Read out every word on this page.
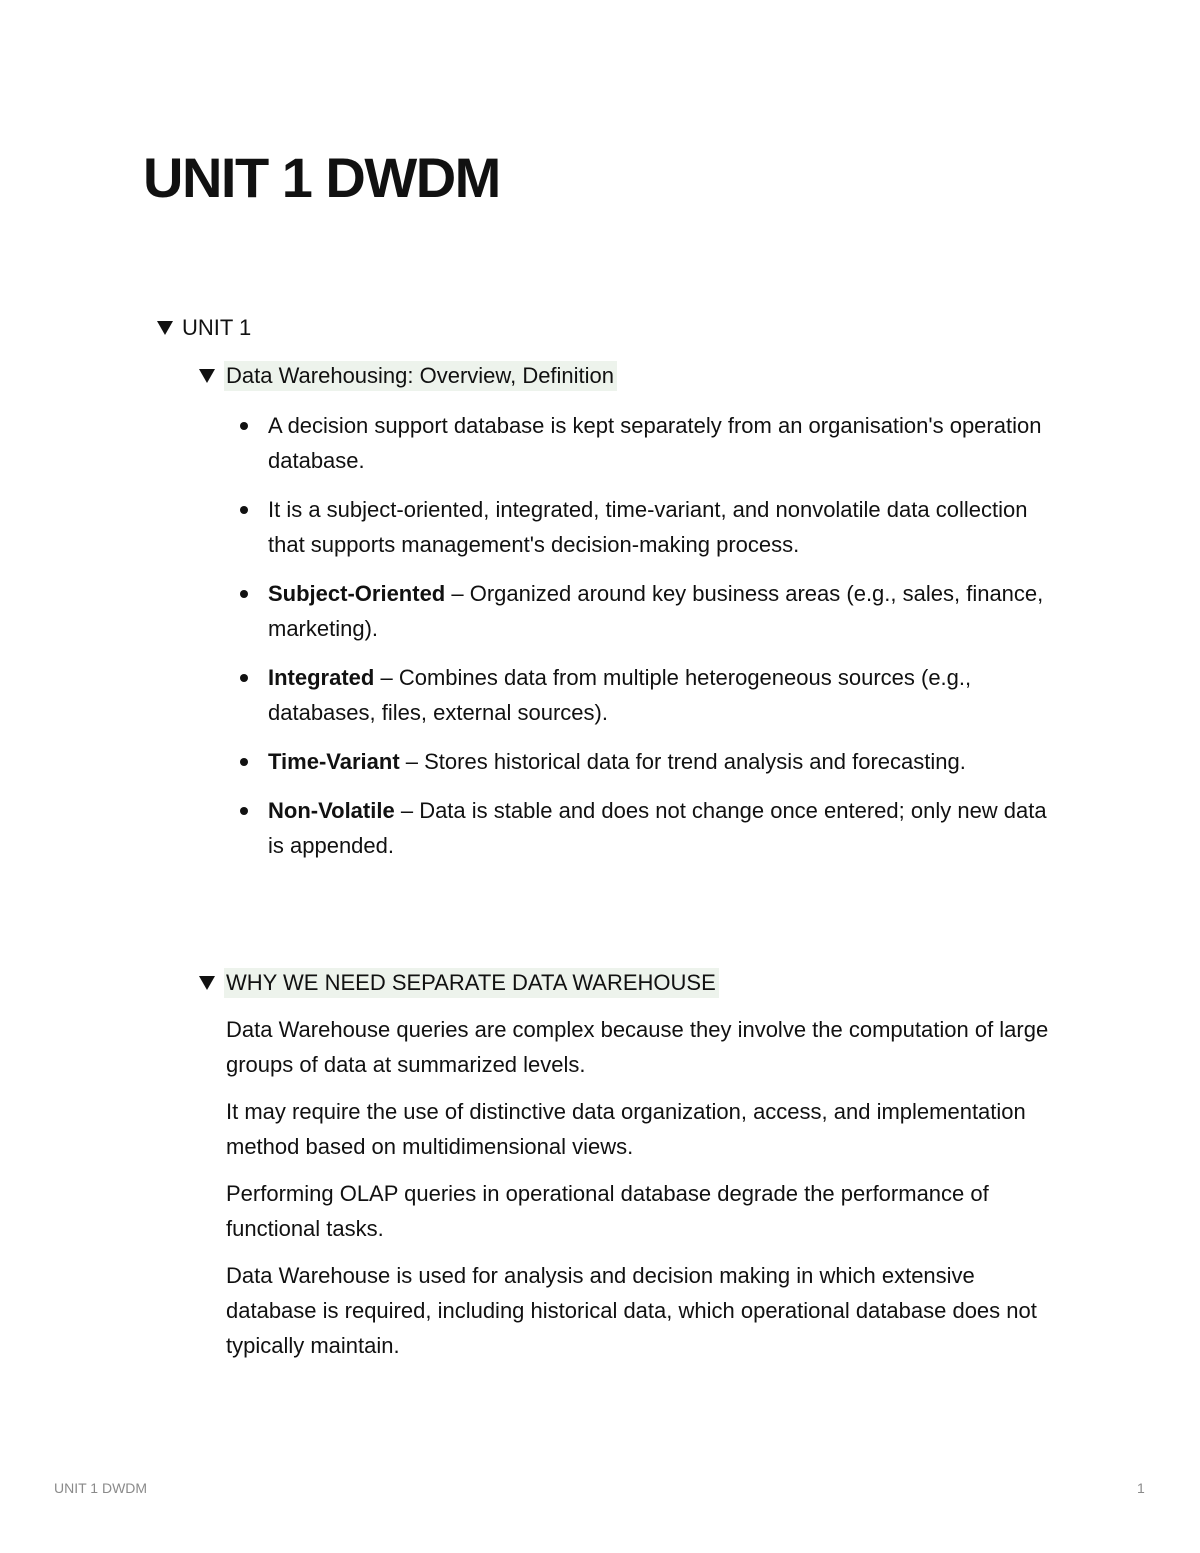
UNIT 1 DWDM
UNIT 1
Data Warehousing: Overview, Definition
A decision support database is kept separately from an organisation's operation database.
It is a subject-oriented, integrated, time-variant, and nonvolatile data collection that supports management's decision-making process.
Subject-Oriented – Organized around key business areas (e.g., sales, finance, marketing).
Integrated – Combines data from multiple heterogeneous sources (e.g., databases, files, external sources).
Time-Variant – Stores historical data for trend analysis and forecasting.
Non-Volatile – Data is stable and does not change once entered; only new data is appended.
WHY WE NEED SEPARATE DATA WAREHOUSE

Data Warehouse queries are complex because they involve the computation of large groups of data at summarized levels.

It may require the use of distinctive data organization, access, and implementation method based on multidimensional views.

Performing OLAP queries in operational database degrade the performance of functional tasks.

Data Warehouse is used for analysis and decision making in which extensive database is required, including historical data, which operational database does not typically maintain.

UNIT 1 DWDM	1
